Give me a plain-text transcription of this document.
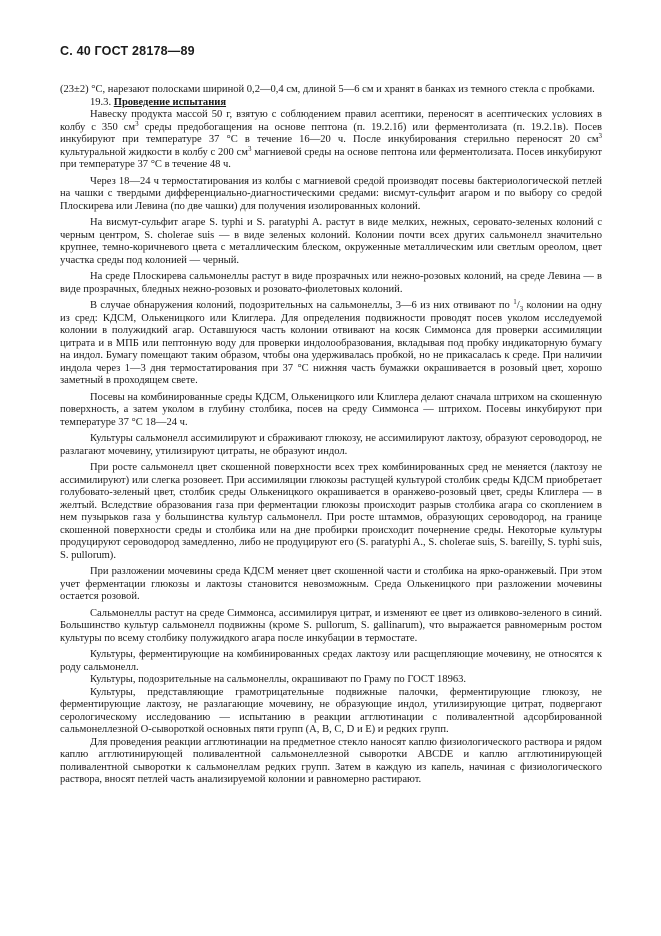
С. 40 ГОСТ 28178—89

(23±2) °С, нарезают полосками шириной 0,2—0,4 см, длиной 5—6 см и хранят в банках из темного стекла с пробками.

19.3. Проведение испытания

Навеску продукта массой 50 г, взятую с соблюдением правил асептики, переносят в асептических условиях в колбу с 350 $см^3$ среды предобогащения на основе пептона (п. 19.2.1б) или ферментолизата (п. 19.2.1в). Посев инкубируют при температуре 37 °С в течение 16—20 ч. После инкубирования стерильно переносят 20 $см^3$ культуральной жидкости в колбу с 200 $см^3$ магниевой среды на основе пептона или ферментолизата. Посев инкубируют при температуре 37 °С в течение 48 ч.

Через 18—24 ч термостатирования из колбы с магниевой средой производят посевы бактериологической петлей на чашки с твердыми дифференциально-диагностическими средами: висмут-сульфит агаром и по выбору со средой Плоскирева или Левина (по две чашки) для получения изолированных колоний.

На висмут-сульфит агаре S. typhi и S. paratyphi A. растут в виде мелких, нежных, серовато-зеленых колоний с черным центром, S. cholerae suis — в виде зеленых колоний. Колонии почти всех других сальмонелл значительно крупнее, темно-коричневого цвета с металлическим блеском, окруженные металлическим или светлым ореолом, цвет участка среды под колонией — черный.

На среде Плоскирева сальмонеллы растут в виде прозрачных или нежно-розовых колоний, на среде Левина — в виде прозрачных, бледных нежно-розовых и розовато-фиолетовых колоний.

В случае обнаружения колоний, подозрительных на сальмонеллы, 3—6 из них отвивают по $^1/_3$ колонии на одну из сред: КДСМ, Олькеницкого или Клиглера. Для определения подвижности проводят посев уколом исследуемой колонии в полужидкий агар. Оставшуюся часть колонии отвивают на косяк Симмонса для проверки ассимиляции цитрата и в МПБ или пептонную воду для проверки индолообразования, вкладывая под пробку индикаторную бумагу на индол. Бумагу помещают таким образом, чтобы она удерживалась пробкой, но не прикасалась к среде. При наличии индола через 1—3 дня термостатирования при 37 °С нижняя часть бумажки окрашивается в розовый цвет, хорошо заметный в проходящем свете.

Посевы на комбинированные среды КДСМ, Олькеницкого или Клиглера делают сначала штрихом на скошенную поверхность, а затем уколом в глубину столбика, посев на среду Симмонса — штрихом. Посевы инкубируют при температуре 37 °С 18—24 ч.

Культуры сальмонелл ассимилируют и сбраживают глюкозу, не ассимилируют лактозу, образуют сероводород, не разлагают мочевину, утилизируют цитраты, не образуют индол.

При росте сальмонелл цвет скошенной поверхности всех трех комбинированных сред не меняется (лактозу не ассимилируют) или слегка розовеет. При ассимиляции глюкозы растущей культурой столбик среды КДСМ приобретает голубовато-зеленый цвет, столбик среды Олькеницкого окрашивается в оранжево-розовый цвет, среды Клиглера — в желтый. Вследствие образования газа при ферментации глюкозы происходит разрыв столбика агара со скоплением в нем пузырьков газа у большинства культур сальмонелл. При росте штаммов, образующих сероводород, на границе скошенной поверхности среды и столбика или на дне пробирки происходит почернение среды. Некоторые культуры продуцируют сероводород замедленно, либо не продуцируют его (S. paratyphi A., S. cholerae suis, S. bareilly, S. typhi suis, S. pullorum).

При разложении мочевины среда КДСМ меняет цвет скошенной части и столбика на ярко-оранжевый. При этом учет ферментации глюкозы и лактозы становится невозможным. Среда Олькеницкого при разложении мочевины остается розовой.

Сальмонеллы растут на среде Симмонса, ассимилируя цитрат, и изменяют ее цвет из оливково-зеленого в синий. Большинство культур сальмонелл подвижны (кроме S. pullorum, S. gallinarum), что выражается равномерным ростом культуры по всему столбику полужидкого агара после инкубации в термостате.

Культуры, ферментирующие на комбинированных средах лактозу или расщепляющие мочевину, не относятся к роду сальмонелл.

Культуры, подозрительные на сальмонеллы, окрашивают по Граму по ГОСТ 18963.

Культуры, представляющие грамотрицательные подвижные палочки, ферментирующие глюкозу, не ферментирующие лактозу, не разлагающие мочевину, не образующие индол, утилизирующие цитрат, подвергают серологическому исследованию — испытанию в реакции агглютинации с поливалентной адсорбированной сальмонеллезной О-сывороткой основных пяти групп (А, В, С, D и Е) и редких групп.

Для проведения реакции агглютинации на предметное стекло наносят каплю физиологического раствора и рядом каплю агглютинирующей поливалентной сальмонеллезной сыворотки ABCDE и каплю агглютинирующей поливалентной сыворотки к сальмонеллам редких групп. Затем в каждую из капель, начиная с физиологического раствора, вносят петлей часть анализируемой колонии и равномерно растирают.
